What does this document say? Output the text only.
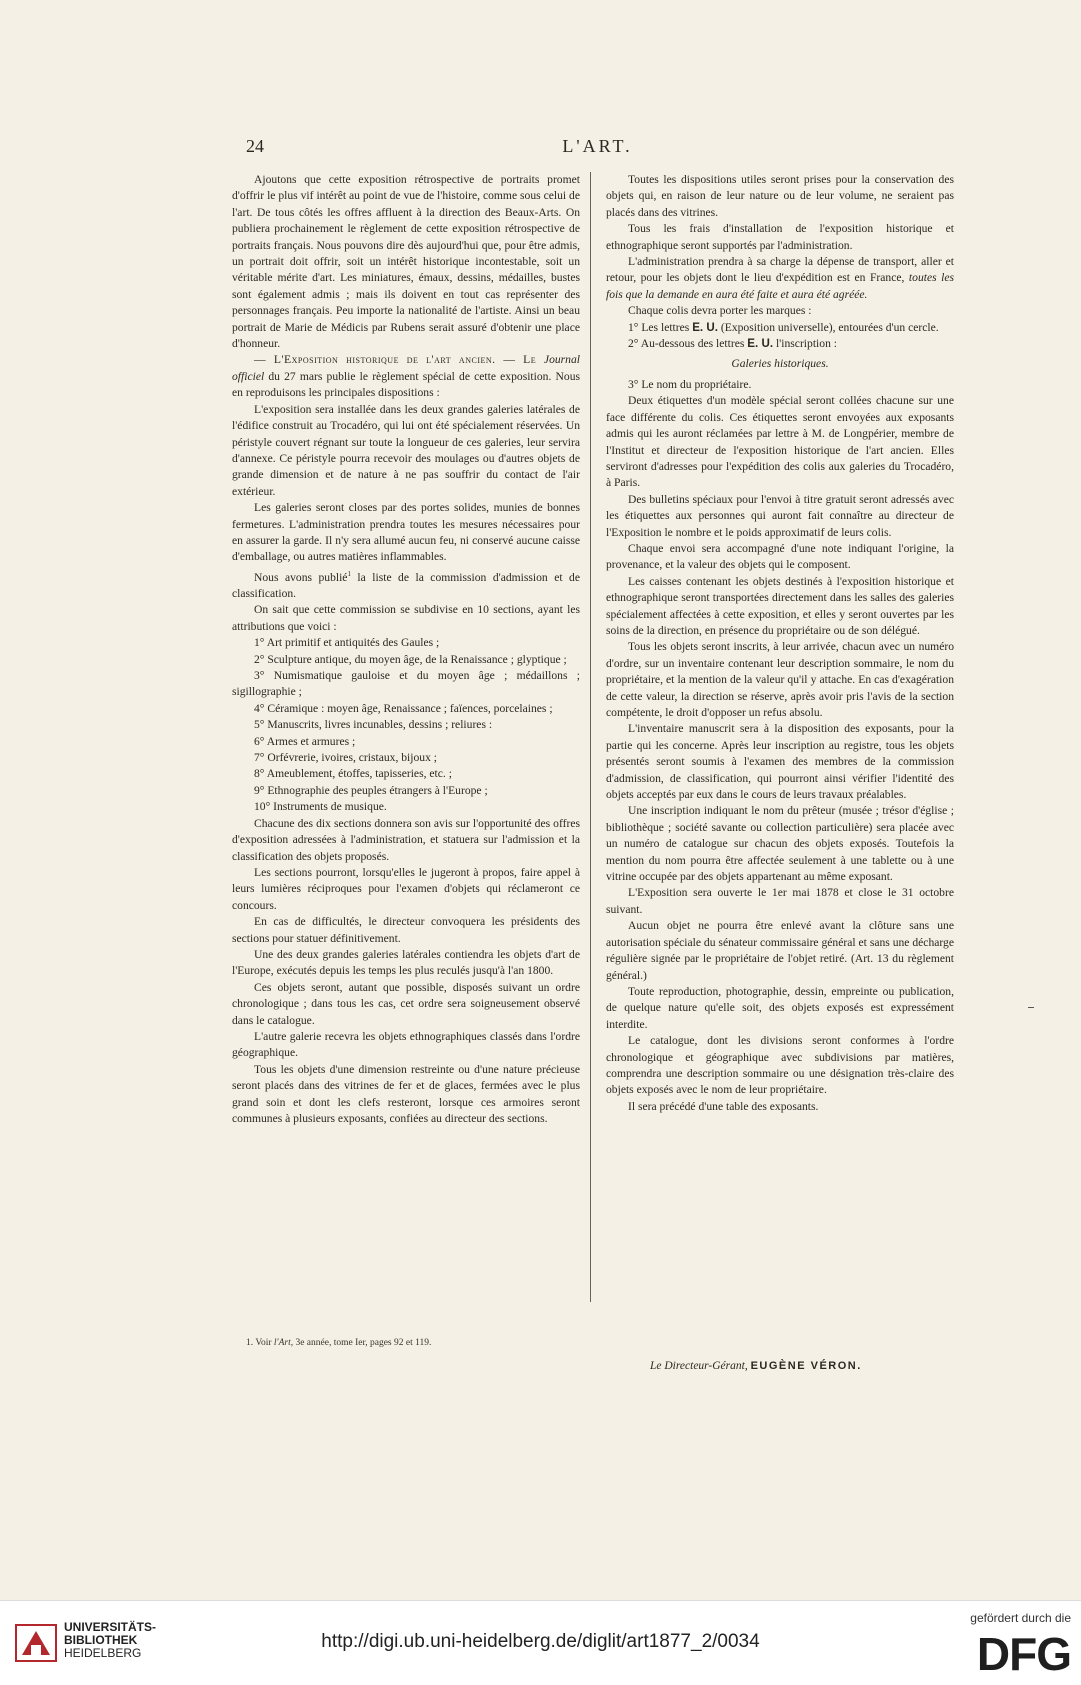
24	L'ART.

Ajoutons que cette exposition rétrospective de portraits promet d'offrir le plus vif intérêt au point de vue de l'histoire, comme sous celui de l'art. De tous côtés les offres affluent à la direction des Beaux-Arts. On publiera prochainement le règlement de cette exposition rétrospective de portraits français. Nous pouvons dire dès aujourd'hui que, pour être admis, un portrait doit offrir, soit un intérêt historique incontestable, soit un véritable mérite d'art. Les miniatures, émaux, dessins, médailles, bustes sont également admis ; mais ils doivent en tout cas représenter des personnages français. Peu importe la nationalité de l'artiste. Ainsi un beau portrait de Marie de Médicis par Rubens serait assuré d'obtenir une place d'honneur.

— L'Exposition historique de l'art ancien. — Le Journal officiel du 27 mars publie le règlement spécial de cette exposition. Nous en reproduisons les principales dispositions :

L'exposition sera installée dans les deux grandes galeries latérales de l'édifice construit au Trocadéro, qui lui ont été spécialement réservées. Un péristyle couvert régnant sur toute la longueur de ces galeries, leur servira d'annexe. Ce péristyle pourra recevoir des moulages ou d'autres objets de grande dimension et de nature à ne pas souffrir du contact de l'air extérieur.

Les galeries seront closes par des portes solides, munies de bonnes fermetures. L'administration prendra toutes les mesures nécessaires pour en assurer la garde. Il n'y sera allumé aucun feu, ni conservé aucune caisse d'emballage, ou autres matières inflammables.

Nous avons publié$^1$ la liste de la commission d'admission et de classification.

On sait que cette commission se subdivise en 10 sections, ayant les attributions que voici :

1° Art primitif et antiquités des Gaules ;

2° Sculpture antique, du moyen âge, de la Renaissance ; glyptique ;

3° Numismatique gauloise et du moyen âge ; médaillons ; sigillographie ;

4° Céramique : moyen âge, Renaissance ; faïences, porcelaines ;

5° Manuscrits, livres incunables, dessins ; reliures :

6° Armes et armures ;

7° Orfévrerie, ivoires, cristaux, bijoux ;

8° Ameublement, étoffes, tapisseries, etc. ;

9° Ethnographie des peuples étrangers à l'Europe ;

10° Instruments de musique.

Chacune des dix sections donnera son avis sur l'opportunité des offres d'exposition adressées à l'administration, et statuera sur l'admission et la classification des objets proposés.

Les sections pourront, lorsqu'elles le jugeront à propos, faire appel à leurs lumières réciproques pour l'examen d'objets qui réclameront ce concours.

En cas de difficultés, le directeur convoquera les présidents des sections pour statuer définitivement.

Une des deux grandes galeries latérales contiendra les objets d'art de l'Europe, exécutés depuis les temps les plus reculés jusqu'à l'an 1800.

Ces objets seront, autant que possible, disposés suivant un ordre chronologique ; dans tous les cas, cet ordre sera soigneusement observé dans le catalogue.

L'autre galerie recevra les objets ethnographiques classés dans l'ordre géographique.

Tous les objets d'une dimension restreinte ou d'une nature précieuse seront placés dans des vitrines de fer et de glaces, fermées avec le plus grand soin et dont les clefs resteront, lorsque ces armoires seront communes à plusieurs exposants, confiées au directeur des sections.

Toutes les dispositions utiles seront prises pour la conservation des objets qui, en raison de leur nature ou de leur volume, ne seraient pas placés dans des vitrines.

Tous les frais d'installation de l'exposition historique et ethnographique seront supportés par l'administration.

L'administration prendra à sa charge la dépense de transport, aller et retour, pour les objets dont le lieu d'expédition est en France, toutes les fois que la demande en aura été faite et aura été agréée.

Chaque colis devra porter les marques :

1° Les lettres E. U. (Exposition universelle), entourées d'un cercle.

2° Au-dessous des lettres E. U. l'inscription :

Galeries historiques.

3° Le nom du propriétaire.

Deux étiquettes d'un modèle spécial seront collées chacune sur une face différente du colis. Ces étiquettes seront envoyées aux exposants admis qui les auront réclamées par lettre à M. de Longpérier, membre de l'Institut et directeur de l'exposition historique de l'art ancien. Elles serviront d'adresses pour l'expédition des colis aux galeries du Trocadéro, à Paris.

Des bulletins spéciaux pour l'envoi à titre gratuit seront adressés avec les étiquettes aux personnes qui auront fait connaître au directeur de l'Exposition le nombre et le poids approximatif de leurs colis.

Chaque envoi sera accompagné d'une note indiquant l'origine, la provenance, et la valeur des objets qui le composent.

Les caisses contenant les objets destinés à l'exposition historique et ethnographique seront transportées directement dans les salles des galeries spécialement affectées à cette exposition, et elles y seront ouvertes par les soins de la direction, en présence du propriétaire ou de son délégué.

Tous les objets seront inscrits, à leur arrivée, chacun avec un numéro d'ordre, sur un inventaire contenant leur description sommaire, le nom du propriétaire, et la mention de la valeur qu'il y attache. En cas d'exagération de cette valeur, la direction se réserve, après avoir pris l'avis de la section compétente, le droit d'opposer un refus absolu.

L'inventaire manuscrit sera à la disposition des exposants, pour la partie qui les concerne. Après leur inscription au registre, tous les objets présentés seront soumis à l'examen des membres de la commission d'admission, de classification, qui pourront ainsi vérifier l'identité des objets acceptés par eux dans le cours de leurs travaux préalables.

Une inscription indiquant le nom du prêteur (musée ; trésor d'église ; bibliothèque ; société savante ou collection particulière) sera placée avec un numéro de catalogue sur chacun des objets exposés. Toutefois la mention du nom pourra être affectée seulement à une tablette ou à une vitrine occupée par des objets appartenant au même exposant.

L'Exposition sera ouverte le 1er mai 1878 et close le 31 octobre suivant.

Aucun objet ne pourra être enlevé avant la clôture sans une autorisation spéciale du sénateur commissaire général et sans une décharge régulière signée par le propriétaire de l'objet retiré. (Art. 13 du règlement général.)

Toute reproduction, photographie, dessin, empreinte ou publication, de quelque nature qu'elle soit, des objets exposés est expressément interdite.

Le catalogue, dont les divisions seront conformes à l'ordre chronologique et géographique avec subdivisions par matières, comprendra une description sommaire ou une désignation très-claire des objets exposés avec le nom de leur propriétaire.

Il sera précédé d'une table des exposants.

1. Voir l'Art, 3e année, tome Ier, pages 92 et 119.
Le Directeur-Gérant, EUGÈNE VÉRON.
UNIVERSITÄTS-
BIBLIOTHEK
HEIDELBERG
http://digi.ub.uni-heidelberg.de/diglit/art1877_2/0034
gefördert durch die
DFG
